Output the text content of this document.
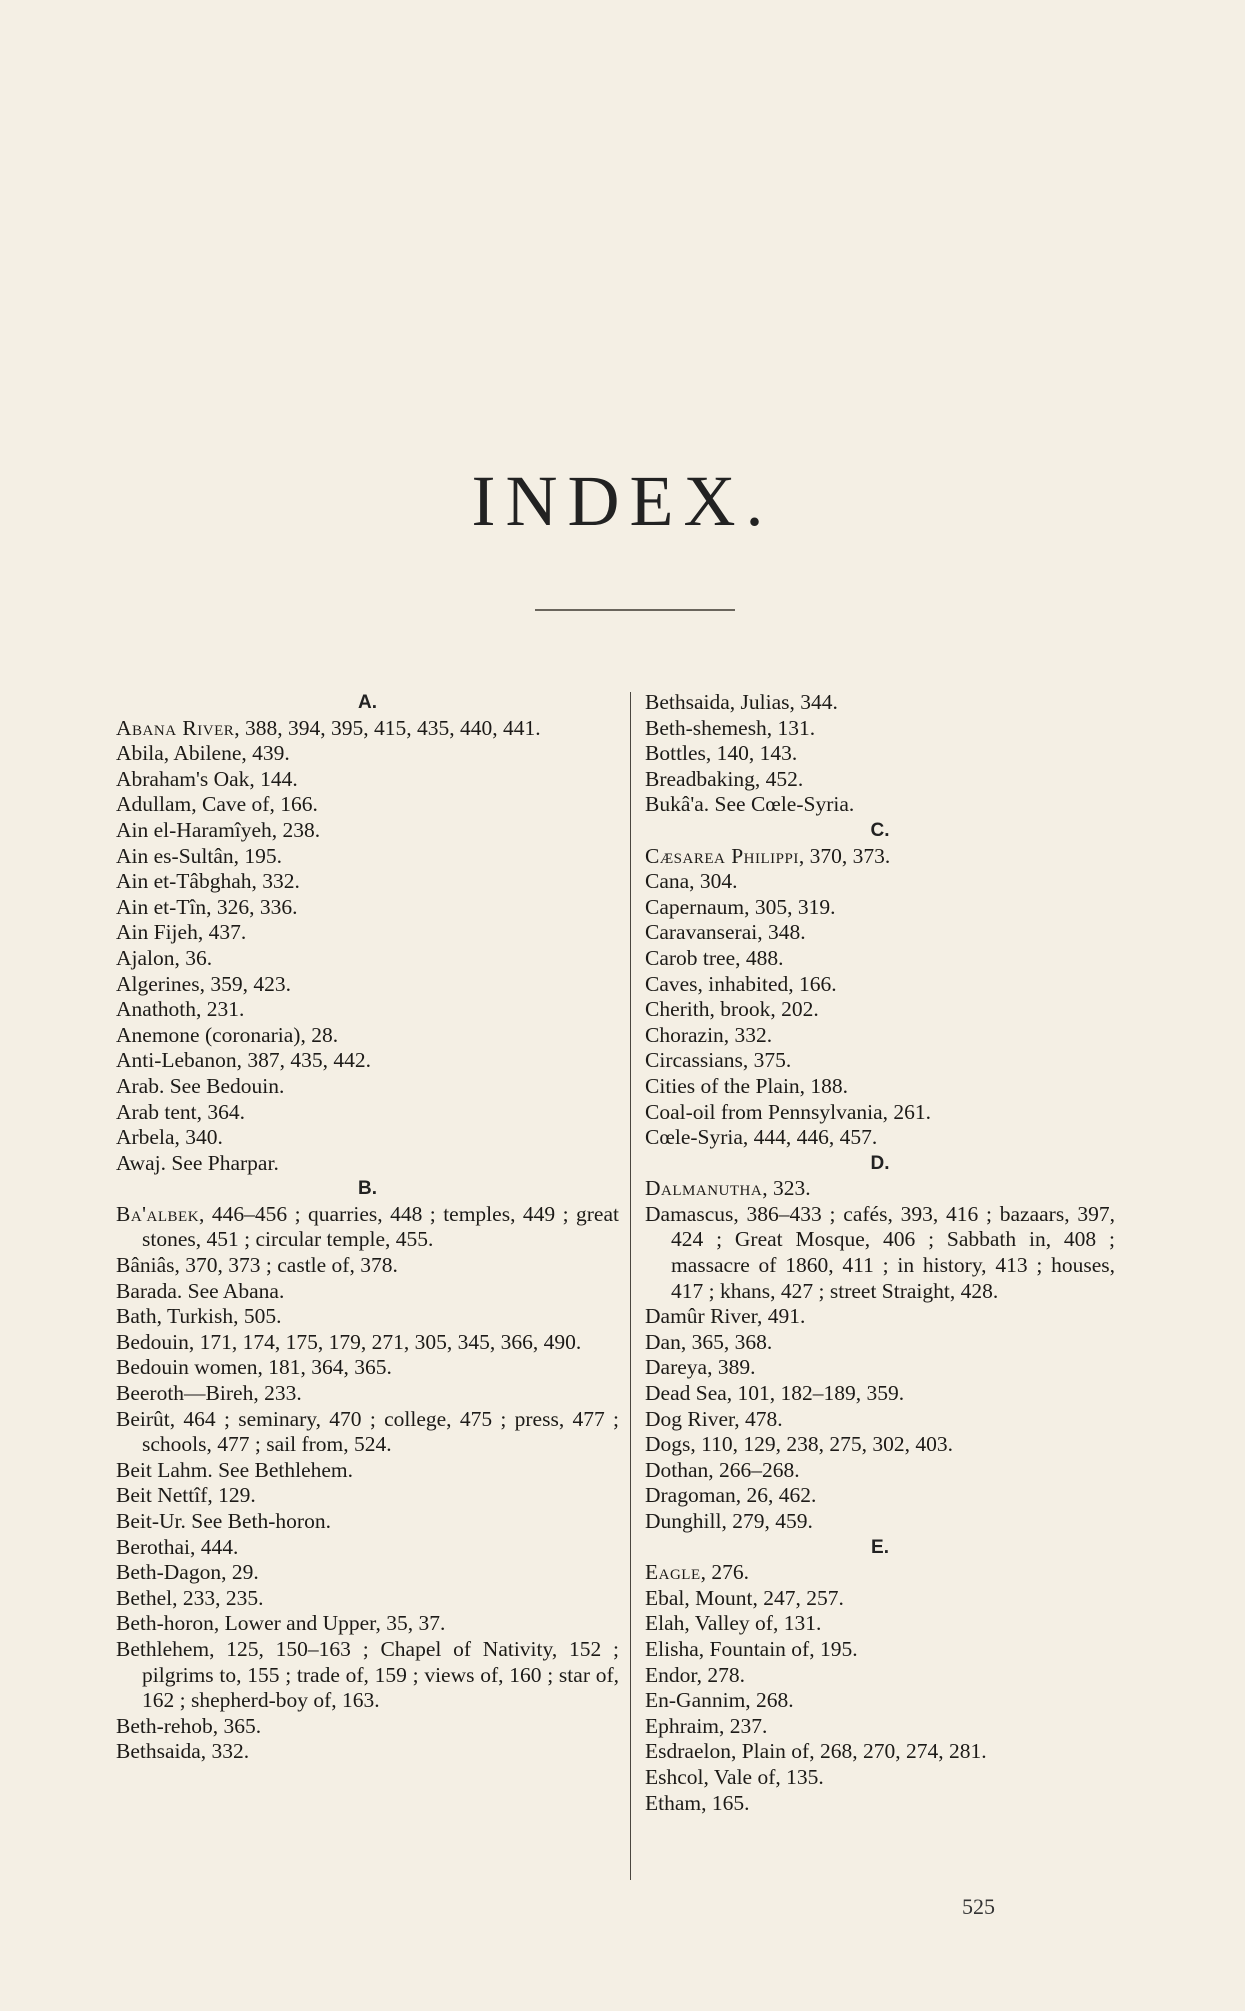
INDEX.
A.
Abana River, 388, 394, 395, 415, 435, 440, 441.
Abila, Abilene, 439.
Abraham's Oak, 144.
Adullam, Cave of, 166.
Ain el-Haramîyeh, 238.
Ain es-Sultân, 195.
Ain et-Tâbghah, 332.
Ain et-Tîn, 326, 336.
Ain Fijeh, 437.
Ajalon, 36.
Algerines, 359, 423.
Anathoth, 231.
Anemone (coronaria), 28.
Anti-Lebanon, 387, 435, 442.
Arab. See Bedouin.
Arab tent, 364.
Arbela, 340.
Awaj. See Pharpar.
B.
Ba'albek, 446–456 ; quarries, 448 ; temples, 449 ; great stones, 451 ; circular temple, 455.
Bâniâs, 370, 373 ; castle of, 378.
Barada. See Abana.
Bath, Turkish, 505.
Bedouin, 171, 174, 175, 179, 271, 305, 345, 366, 490.
Bedouin women, 181, 364, 365.
Beeroth—Bireh, 233.
Beirût, 464 ; seminary, 470 ; college, 475 ; press, 477 ; schools, 477 ; sail from, 524.
Beit Lahm. See Bethlehem.
Beit Nettîf, 129.
Beit-Ur. See Beth-horon.
Berothai, 444.
Beth-Dagon, 29.
Bethel, 233, 235.
Beth-horon, Lower and Upper, 35, 37.
Bethlehem, 125, 150–163 ; Chapel of Nativity, 152 ; pilgrims to, 155 ; trade of, 159 ; views of, 160 ; star of, 162 ; shepherd-boy of, 163.
Beth-rehob, 365.
Bethsaida, 332.
Bethsaida, Julias, 344.
Beth-shemesh, 131.
Bottles, 140, 143.
Breadbaking, 452.
Bukâ'a. See Cœle-Syria.
C.
Cæsarea Philippi, 370, 373.
Cana, 304.
Capernaum, 305, 319.
Caravanserai, 348.
Carob tree, 488.
Caves, inhabited, 166.
Cherith, brook, 202.
Chorazin, 332.
Circassians, 375.
Cities of the Plain, 188.
Coal-oil from Pennsylvania, 261.
Cœle-Syria, 444, 446, 457.
D.
Dalmanutha, 323.
Damascus, 386–433 ; cafés, 393, 416 ; bazaars, 397, 424 ; Great Mosque, 406 ; Sabbath in, 408 ; massacre of 1860, 411 ; in history, 413 ; houses, 417 ; khans, 427 ; street Straight, 428.
Damûr River, 491.
Dan, 365, 368.
Dareya, 389.
Dead Sea, 101, 182–189, 359.
Dog River, 478.
Dogs, 110, 129, 238, 275, 302, 403.
Dothan, 266–268.
Dragoman, 26, 462.
Dunghill, 279, 459.
E.
Eagle, 276.
Ebal, Mount, 247, 257.
Elah, Valley of, 131.
Elisha, Fountain of, 195.
Endor, 278.
En-Gannim, 268.
Ephraim, 237.
Esdraelon, Plain of, 268, 270, 274, 281.
Eshcol, Vale of, 135.
Etham, 165.
525
